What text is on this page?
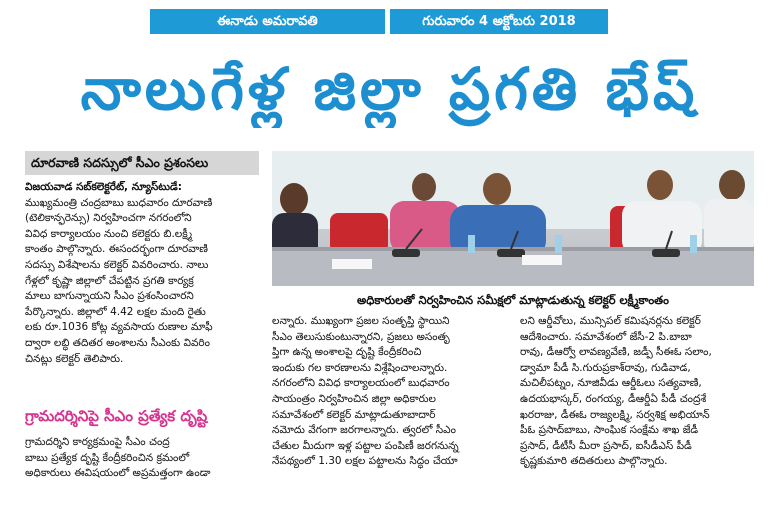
ఈనాడు అమరావతి	గురువారం 4 అక్టోబరు 2018
నాలుగేళ్ల జిల్లా ప్రగతి భేష్
దూరవాణి సదస్సులో సీఎం ప్రశంసలు
విజయవాడ సబ్‌కలెక్టరేట్‌, న్యూస్‌టుడే:
ముఖ్యమంత్రి చంద్రబాబు బుధవారం దూరవాణి
(టెలికాన్ఫరెన్సు) నిర్వహించగా నగరంలోని
వివిధ కార్యాలయం నుంచి కలెక్టరు బి.లక్ష్మీ
కాంతం పాల్గొన్నారు. ఈసందర్భంగా దూరవాణి
సదస్సు విశేషాలను కలెక్టర్‌ వివరించారు. నాలు
గేళ్లలో కృష్ణా జిల్లాలో చేపట్టిన ప్రగతి కార్యక్ర
మాలు బాగున్నాయని సీఎం ప్రశంసించారని
పేర్కొన్నారు. జిల్లాలో 4.42 లక్షల మంది రైతు
లకు రూ.1036 కోట్ల వ్యవసాయ రుణాల మాఫీ
ద్వారా లబ్ధి తదితర అంశాలను సీఎంకు వివరిం
చినట్లు కలెక్టర్‌ తెలిపారు.
గ్రామదర్శినిపై సీఎం ప్రత్యేక దృష్టి
గ్రామదర్శిని కార్యక్రమంపై సీఎం చంద్ర
బాబు ప్రత్యేక దృష్టి కేంద్రీకరించిన క్రమంలో
అధికారులు ఈవిషయంలో అప్రమత్తంగా ఉండా
అధికారులతో నిర్వహించిన సమీక్షలో మాట్లాడుతున్న కలెక్టర్‌ లక్ష్మీకాంతం
లన్నారు. ముఖ్యంగా ప్రజల సంతృప్తి స్థాయిని
సీఎం తెలుసుకుంటున్నారని, ప్రజలు అసంతృ
ప్తిగా ఉన్న అంశాలపై దృష్టి కేంద్రీకరించి
ఇందుకు గల కారణాలను విశ్లేషించాలన్నారు.
నగరంలోని వివిధ కార్యాలయంలో బుధవారం
సాయంత్రం నిర్వహించిన జిల్లా అధికారుల
సమావేశంలో కలెక్టర్‌ మాట్లాడుతూబాదార్‌
నమోదు వేగంగా జరగాలన్నారు. త్వరలో సీఎం
చేతుల మీదుగా ఇళ్ల పట్టాల పంపిణీ జరగనున్న
నేపథ్యంలో 1.30 లక్షల పట్టాలను సిద్ధం చేయా
లని ఆర్డీవోలు, మున్సిపల్‌ కమిషనర్లను కలెక్టర్‌
ఆదేశించారు. సమావేశంలో జేసీ-2 పి.బాబా
రావు, డీఆర్వో లావణ్యవేణి, జడ్పీ సీఈఓ సలాం,
డ్వామా పీడీ సి.గురుప్రకాశ్‌రావు, గుడివాడ,
మచిలీపట్నం, నూజివీడు ఆర్డీఓలు సత్యవాణి,
ఉదయభాస్కర్‌, రంగయ్య, డీఆర్డీఏ పీడీ చంద్రశే
ఖరరాజు, డీఈఓ రాజ్యలక్ష్మి, సర్వశిక్ష అభియాన్‌
పీఓ ప్రసాద్‌బాబు, సాంఘిక సంక్షేమ శాఖ జేడీ
ప్రసాద్‌, డీటీసీ మీరా ప్రసాద్‌, ఐసీడీఎస్‌ పీడీ
కృష్ణకుమారి తదితరులు పాల్గొన్నారు.
